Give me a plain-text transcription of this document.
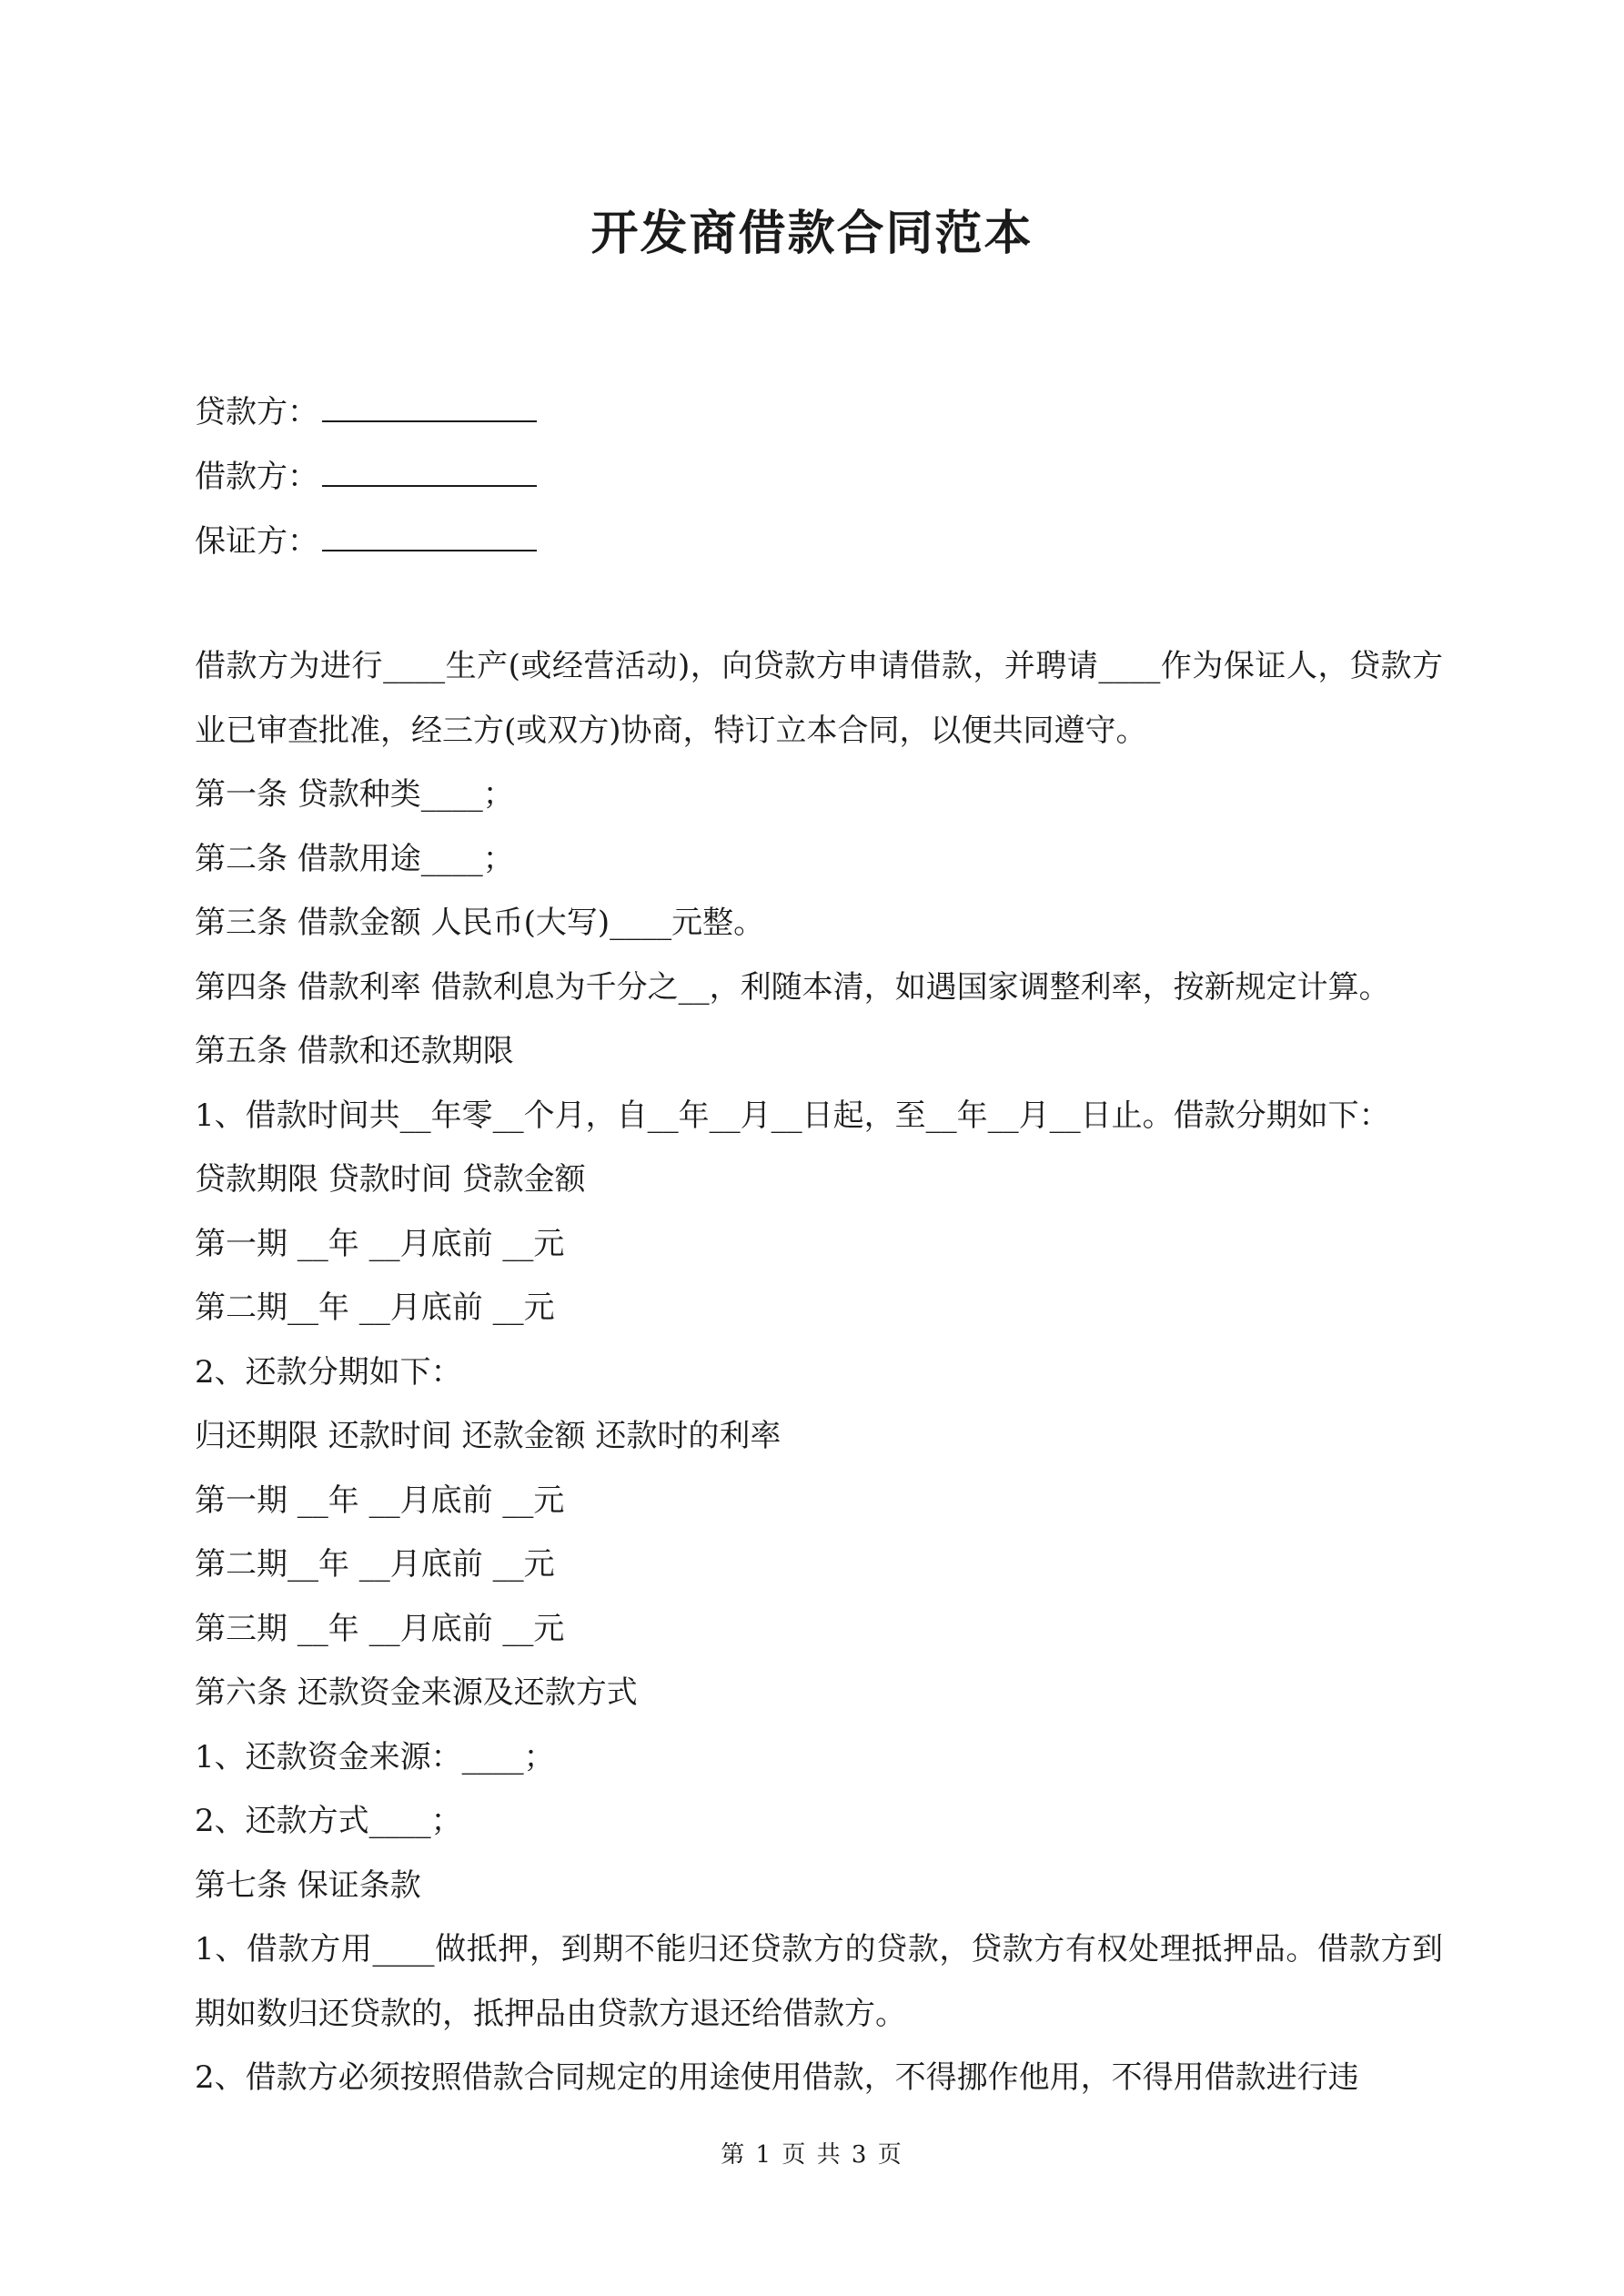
开发商借款合同范本
贷款方：
借款方：
保证方：

借款方为进行____生产(或经营活动)，向贷款方申请借款，并聘请____作为保证人，贷款方业已审查批准，经三方(或双方)协商，特订立本合同，以便共同遵守。

第一条 贷款种类____；

第二条 借款用途____；

第三条 借款金额 人民币(大写)____元整。

第四条 借款利率 借款利息为千分之__，利随本清，如遇国家调整利率，按新规定计算。

第五条 借款和还款期限

1、借款时间共__年零__个月，自__年__月__日起，至__年__月__日止。借款分期如下：

贷款期限 贷款时间 贷款金额

第一期 __年 __月底前 __元

第二期__年 __月底前 __元

2、还款分期如下：

归还期限 还款时间 还款金额 还款时的利率

第一期 __年 __月底前 __元

第二期__年 __月底前 __元

第三期 __年 __月底前 __元

第六条 还款资金来源及还款方式

1、还款资金来源：____；

2、还款方式____；

第七条 保证条款

1、借款方用____做抵押，到期不能归还贷款方的贷款，贷款方有权处理抵押品。借款方到期如数归还贷款的，抵押品由贷款方退还给借款方。

2、借款方必须按照借款合同规定的用途使用借款，不得挪作他用，不得用借款进行违

第 1 页 共 3 页
